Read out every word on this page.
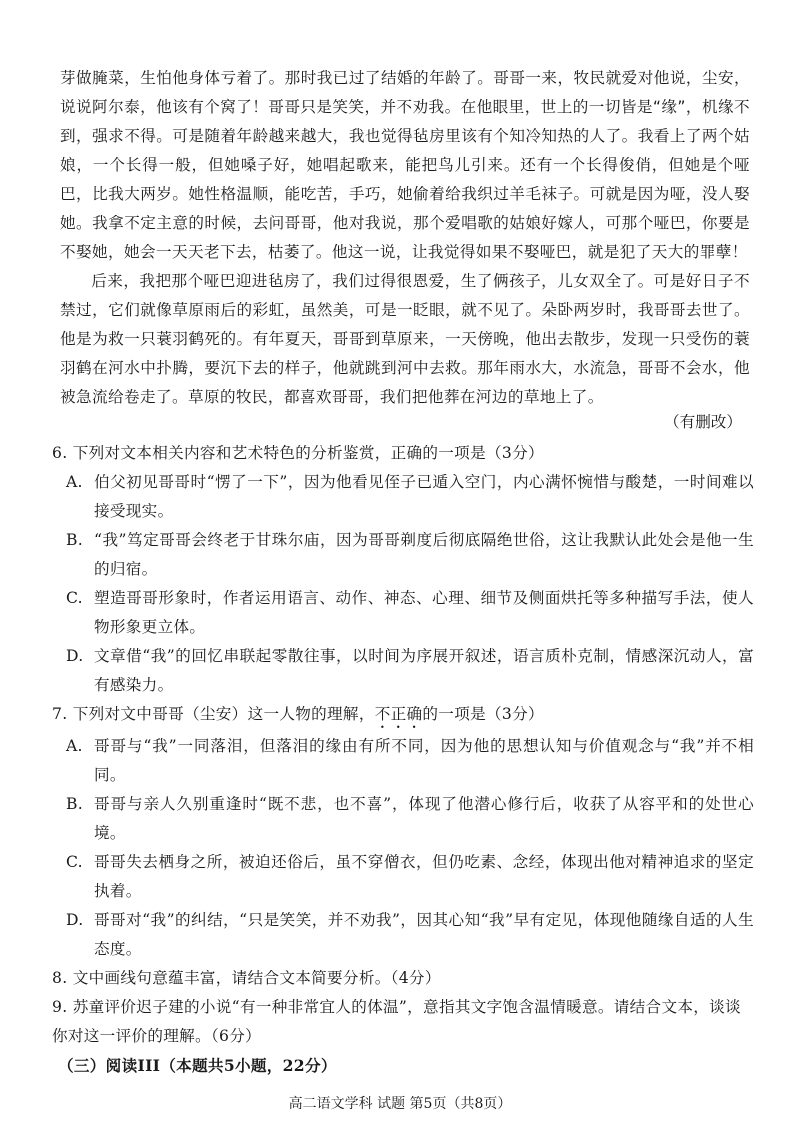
芽做腌菜，生怕他身体亏着了。那时我已过了结婚的年龄了。哥哥一来，牧民就爱对他说，尘安，说说阿尔泰，他该有个窝了！哥哥只是笑笑，并不劝我。在他眼里，世上的一切皆是“缘”，机缘不到，强求不得。可是随着年龄越来越大，我也觉得毡房里该有个知冷知热的人了。我看上了两个姑娘，一个长得一般，但她嗓子好，她唱起歌来，能把鸟儿引来。还有一个长得俊俏，但她是个哑巴，比我大两岁。她性格温顺，能吃苦，手巧，她偷着给我织过羊毛袜子。可就是因为哑，没人娶她。我拿不定主意的时候，去问哥哥，他对我说，那个爱唱歌的姑娘好嫁人，可那个哑巴，你要是不娶她，她会一天天老下去，枯萎了。他这一说，让我觉得如果不娶哑巴，就是犯了天大的罪孽！

后来，我把那个哑巴迎进毡房了，我们过得很恩爱，生了俩孩子，儿女双全了。可是好日子不禁过，它们就像草原雨后的彩虹，虽然美，可是一眨眼，就不见了。朵卧两岁时，我哥哥去世了。他是为救一只蓑羽鹤死的。有年夏天，哥哥到草原来，一天傍晚，他出去散步，发现一只受伤的蓑羽鹤在河水中扑腾，要沉下去的样子，他就跳到河中去救。那年雨水大，水流急，哥哥不会水，他被急流给卷走了。草原的牧民，都喜欢哥哥，我们把他葬在河边的草地上了。

（有删改）

6. 下列对文本相关内容和艺术特色的分析鉴赏，正确的一项是（3分）

A. 伯父初见哥哥时“愣了一下”，因为他看见侄子已遁入空门，内心满怀惋惜与酸楚，一时间难以接受现实。
B. “我”笃定哥哥会终老于甘珠尔庙，因为哥哥剃度后彻底隔绝世俗，这让我默认此处会是他一生的归宿。
C. 塑造哥哥形象时，作者运用语言、动作、神态、心理、细节及侧面烘托等多种描写手法，使人物形象更立体。
D. 文章借“我”的回忆串联起零散往事，以时间为序展开叙述，语言质朴克制，情感深沉动人，富有感染力。

7. 下列对文中哥哥（尘安）这一人物的理解，不正确的一项是（3分）

A. 哥哥与“我”一同落泪，但落泪的缘由有所不同，因为他的思想认知与价值观念与“我”并不相同。
B. 哥哥与亲人久别重逢时“既不悲，也不喜”，体现了他潜心修行后，收获了从容平和的处世心境。
C. 哥哥失去栖身之所，被迫还俗后，虽不穿僧衣，但仍吃素、念经，体现出他对精神追求的坚定执着。
D. 哥哥对“我”的纠结，“只是笑笑，并不劝我”，因其心知“我”早有定见，体现他随缘自适的人生态度。

8. 文中画线句意蕴丰富，请结合文本简要分析。（4分）

9. 苏童评价迟子建的小说“有一种非常宜人的体温”，意指其文字饱含温情暖意。请结合文本，谈谈你对这一评价的理解。（6分）

（三）阅读III（本题共5小题，22分）

高二语文学科 试题 第5页（共8页）
